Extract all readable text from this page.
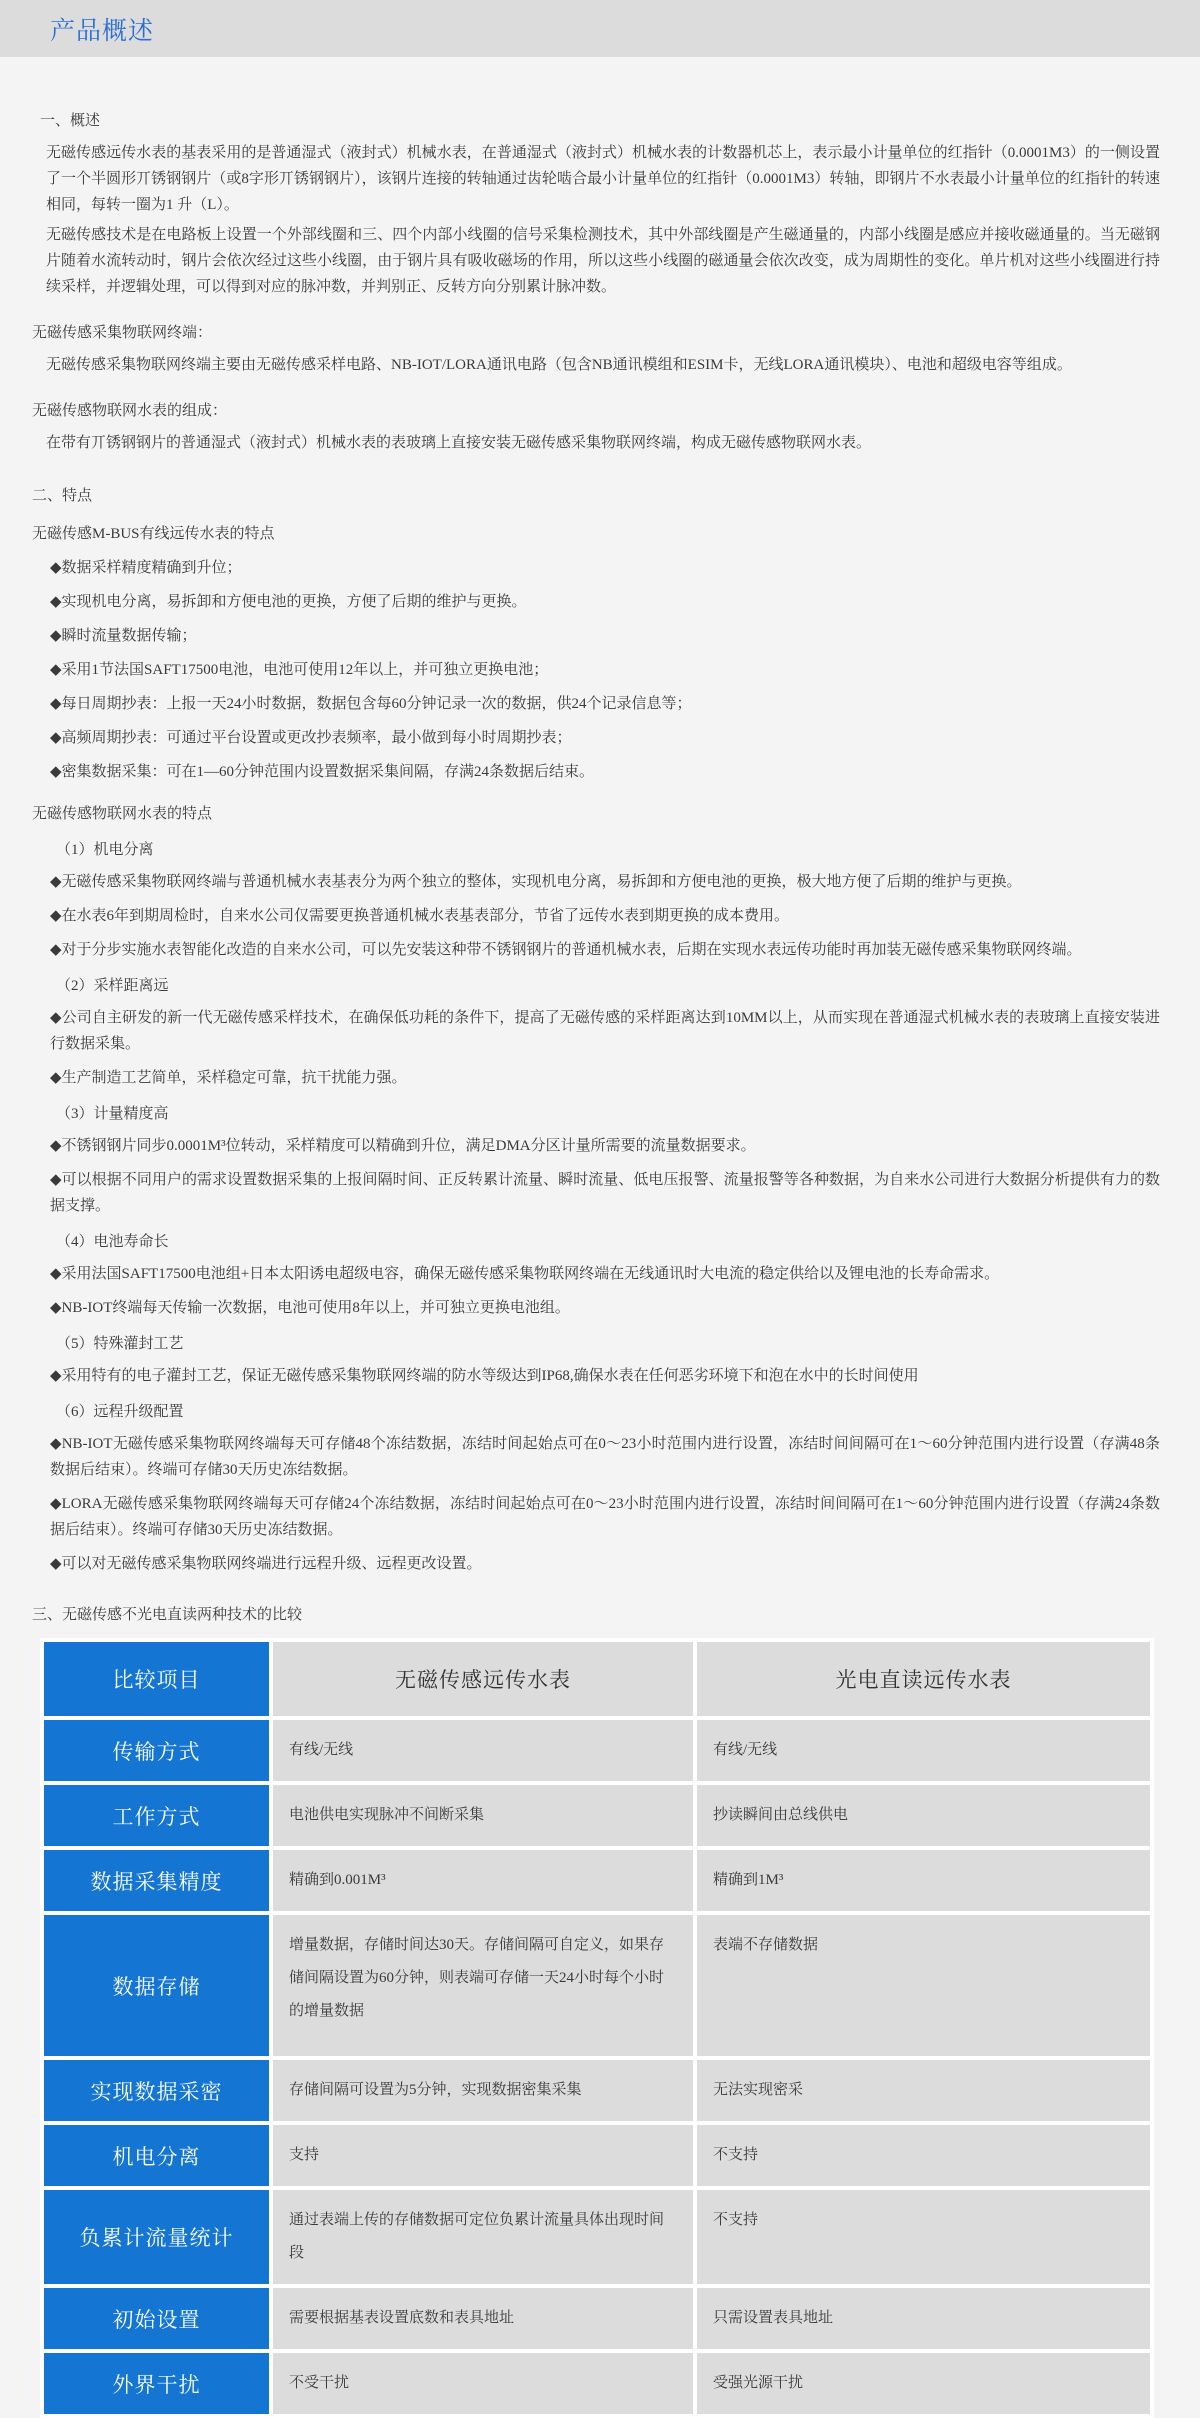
产品概述
一、概述
无磁传感远传水表的基表采用的是普通湿式（液封式）机械水表，在普通湿式（液封式）机械水表的计数器机芯上，表示最小计量单位的红指针（0.0001M3）的一侧设置了一个半圆形丌锈钢钢片（或8字形丌锈钢钢片），该钢片连接的转轴通过齿轮啮合最小计量单位的红指针（0.0001M3）转轴，即钢片不水表最小计量单位的红指针的转速相同，每转一圈为1 升（L）。
无磁传感技术是在电路板上设置一个外部线圈和三、四个内部小线圈的信号采集检测技术，其中外部线圈是产生磁通量的，内部小线圈是感应并接收磁通量的。当无磁钢片随着水流转动时，钢片会依次经过这些小线圈，由于钢片具有吸收磁场的作用，所以这些小线圈的磁通量会依次改变，成为周期性的变化。单片机对这些小线圈进行持续采样，并逻辑处理，可以得到对应的脉冲数，并判别正、反转方向分别累计脉冲数。
无磁传感采集物联网终端：
无磁传感采集物联网终端主要由无磁传感采样电路、NB-IOT/LORA通讯电路（包含NB通讯模组和ESIM卡，无线LORA通讯模块）、电池和超级电容等组成。
无磁传感物联网水表的组成：
在带有丌锈钢钢片的普通湿式（液封式）机械水表的表玻璃上直接安装无磁传感采集物联网终端，构成无磁传感物联网水表。
二、特点
无磁传感M-BUS有线远传水表的特点
◆数据采样精度精确到升位；
◆实现机电分离，易拆卸和方便电池的更换，方便了后期的维护与更换。
◆瞬时流量数据传输；
◆采用1节法国SAFT17500电池，电池可使用12年以上，并可独立更换电池；
◆每日周期抄表：上报一天24小时数据，数据包含每60分钟记录一次的数据，供24个记录信息等；
◆高频周期抄表：可通过平台设置或更改抄表频率，最小做到每小时周期抄表；
◆密集数据采集：可在1—60分钟范围内设置数据采集间隔，存满24条数据后结束。
无磁传感物联网水表的特点
（1）机电分离
◆无磁传感采集物联网终端与普通机械水表基表分为两个独立的整体，实现机电分离，易拆卸和方便电池的更换，极大地方便了后期的维护与更换。
◆在水表6年到期周检时，自来水公司仅需要更换普通机械水表基表部分，节省了远传水表到期更换的成本费用。
◆对于分步实施水表智能化改造的自来水公司，可以先安装这种带不锈钢钢片的普通机械水表，后期在实现水表远传功能时再加装无磁传感采集物联网终端。
（2）采样距离远
◆公司自主研发的新一代无磁传感采样技术，在确保低功耗的条件下，提高了无磁传感的采样距离达到10MM以上，从而实现在普通湿式机械水表的表玻璃上直接安装进行数据采集。
◆生产制造工艺简单，采样稳定可靠，抗干扰能力强。
（3）计量精度高
◆不锈钢钢片同步0.0001M³位转动，采样精度可以精确到升位，满足DMA分区计量所需要的流量数据要求。
◆可以根据不同用户的需求设置数据采集的上报间隔时间、正反转累计流量、瞬时流量、低电压报警、流量报警等各种数据，为自来水公司进行大数据分析提供有力的数据支撑。
（4）电池寿命长
◆采用法国SAFT17500电池组+日本太阳诱电超级电容，确保无磁传感采集物联网终端在无线通讯时大电流的稳定供给以及锂电池的长寿命需求。
◆NB-IOT终端每天传输一次数据，电池可使用8年以上，并可独立更换电池组。
（5）特殊灌封工艺
◆采用特有的电子灌封工艺，保证无磁传感采集物联网终端的防水等级达到IP68,确保水表在任何恶劣环境下和泡在水中的长时间使用
（6）远程升级配置
◆NB-IOT无磁传感采集物联网终端每天可存储48个冻结数据，冻结时间起始点可在0～23小时范围内进行设置，冻结时间间隔可在1～60分钟范围内进行设置（存满48条数据后结束）。终端可存储30天历史冻结数据。
◆LORA无磁传感采集物联网终端每天可存储24个冻结数据，冻结时间起始点可在0～23小时范围内进行设置，冻结时间间隔可在1～60分钟范围内进行设置（存满24条数据后结束）。终端可存储30天历史冻结数据。
◆可以对无磁传感采集物联网终端进行远程升级、远程更改设置。
三、无磁传感不光电直读两种技术的比较
比较项目	无磁传感远传水表	光电直读远传水表
传输方式	有线/无线	有线/无线
工作方式	电池供电实现脉冲不间断采集	抄读瞬间由总线供电
数据采集精度	精确到0.001M³	精确到1M³
数据存储	增量数据，存储时间达30天。存储间隔可自定义，如果存储间隔设置为60分钟，则表端可存储一天24小时每个小时的增量数据	表端不存储数据
实现数据采密	存储间隔可设置为5分钟，实现数据密集采集	无法实现密采
机电分离	支持	不支持
负累计流量统计	通过表端上传的存储数据可定位负累计流量具体出现时间段	不支持
初始设置	需要根据基表设置底数和表具地址	只需设置表具地址
外界干扰	不受干扰	受强光源干扰
